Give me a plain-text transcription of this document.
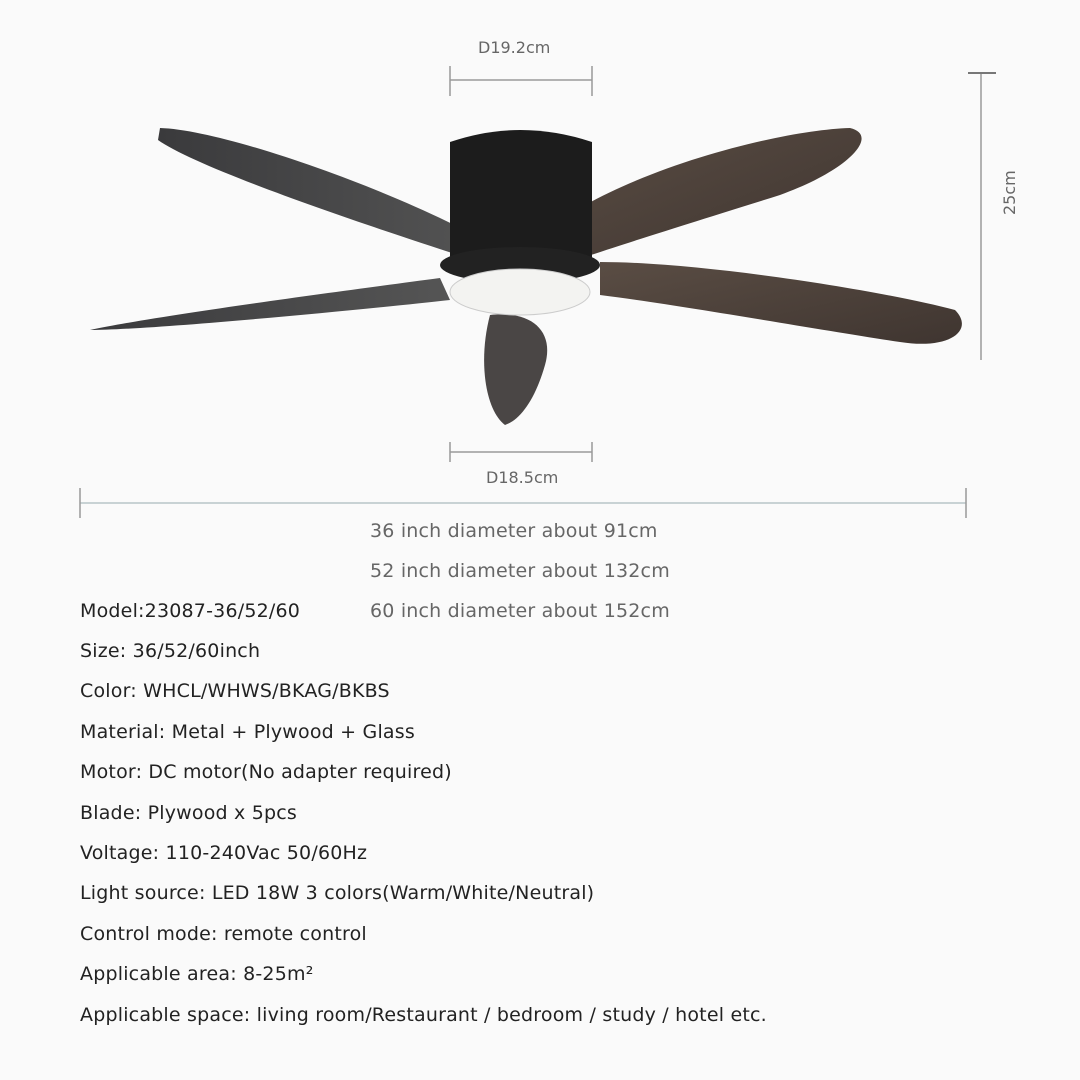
D19.2cm
D18.5cm
25cm
36 inch diameter about 91cm
52 inch diameter about 132cm
60 inch diameter about 152cm
Model:23087-36/52/60
Size: 36/52/60inch
Color: WHCL/WHWS/BKAG/BKBS
Material: Metal + Plywood + Glass
Motor: DC motor(No adapter required)
Blade: Plywood x 5pcs
Voltage: 110-240Vac 50/60Hz
Light source: LED 18W 3 colors(Warm/White/Neutral)
Control mode: remote control
Applicable area: 8-25m²
Applicable space: living room/Restaurant / bedroom / study / hotel etc.
